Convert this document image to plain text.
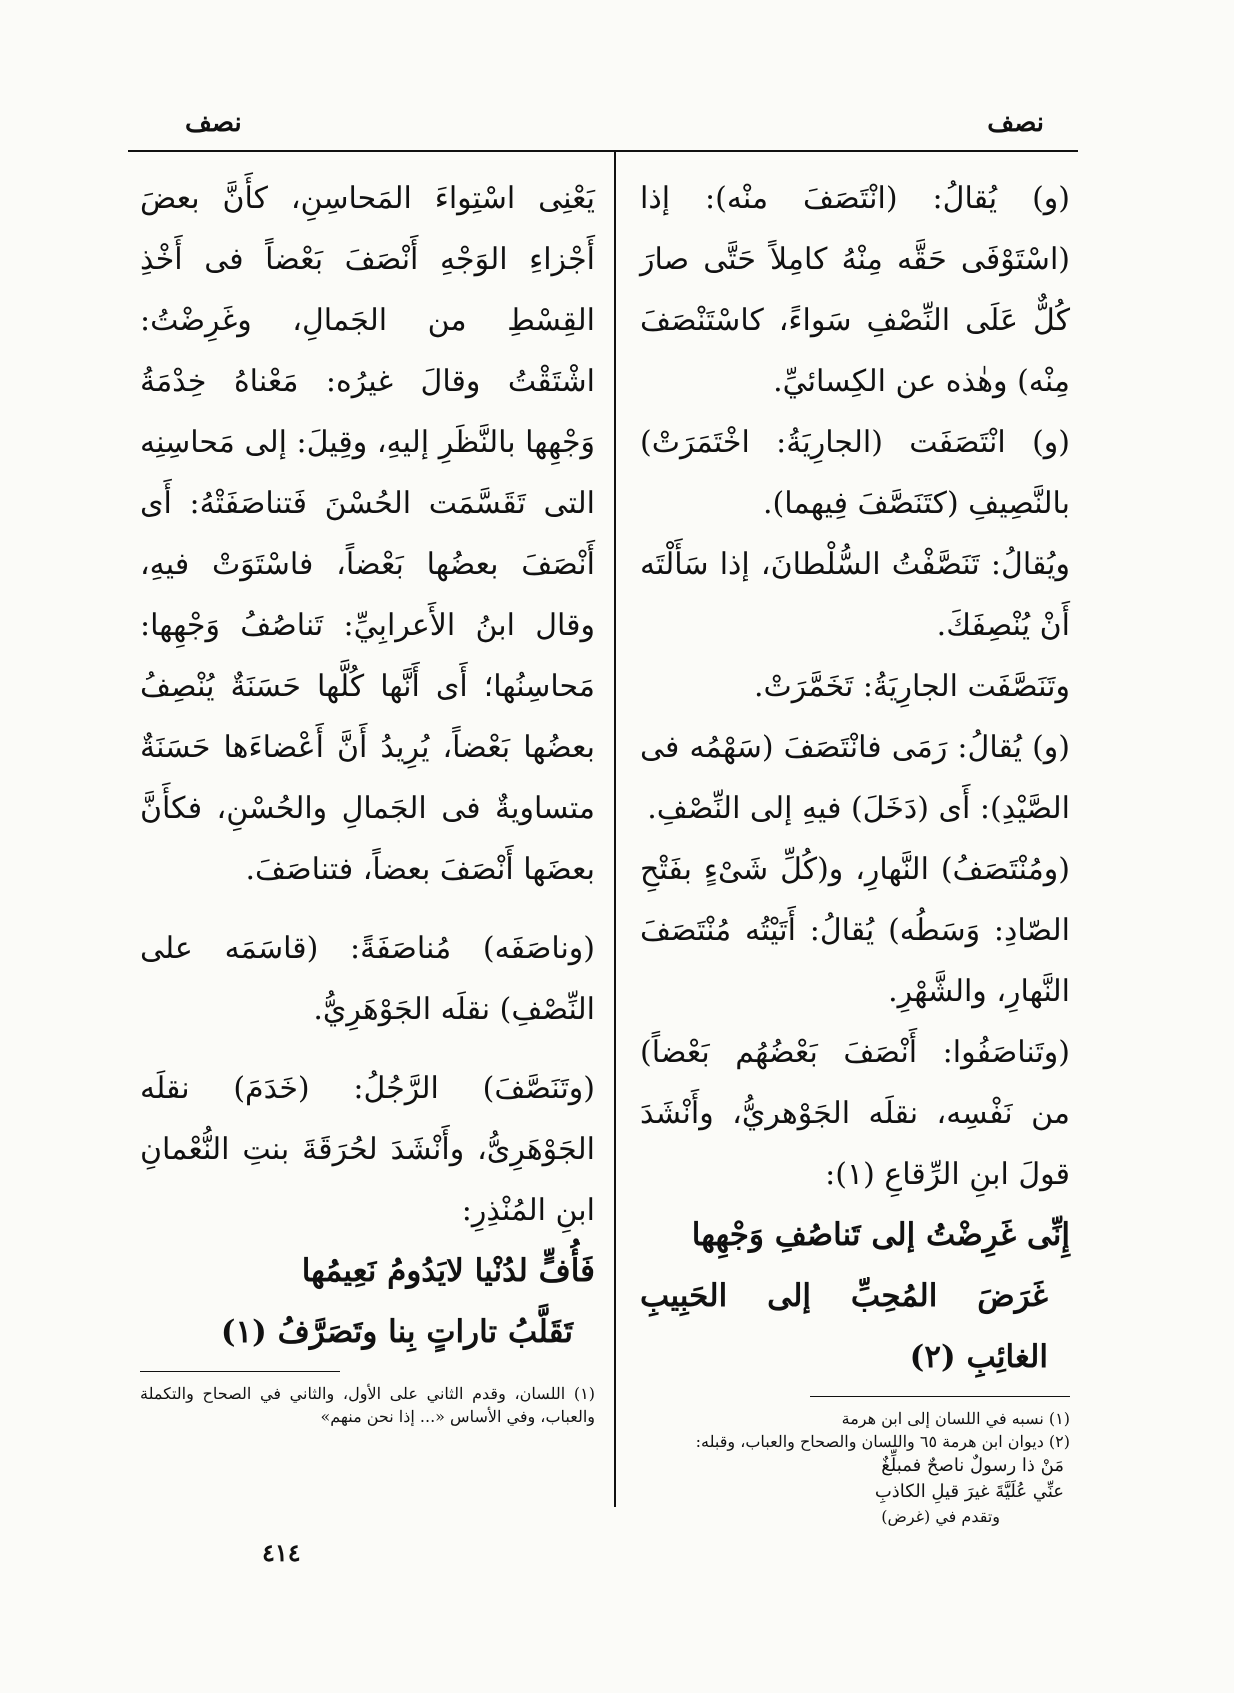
نصف
نصف

(و) يُقالُ: (انْتَصَفَ منْه): إذا (اسْتَوْفَى حَقَّه مِنْهُ كامِلاً حَتَّى صارَ كُلٌّ عَلَى النِّصْفِ سَواءً، كاسْتَنْصَفَ مِنْه) وهٰذه عن الكِسائيِّ.

(و) انْتَصَفَت (الجارِيَةُ: اخْتَمَرَتْ) بالنَّصِيفِ (كتَنَصَّفَ فِيهما).

ويُقالُ: تَنَصَّفْتُ السُّلْطانَ، إذا سَأَلْتَه أَنْ يُنْصِفَكَ.

وتَنَصَّفَت الجارِيَةُ: تَخَمَّرَتْ.

(و) يُقالُ: رَمَى فانْتَصَفَ (سَهْمُه فى الصَّيْدِ): أَى (دَخَلَ) فيهِ إلى النِّصْفِ.

(ومُنْتَصَفُ) النَّهارِ، و(كُلِّ شَىْءٍ بفَتْحِ الصّادِ: وَسَطُه) يُقالُ: أَتَيْتُه مُنْتَصَفَ النَّهارِ، والشَّهْرِ.

(وتَناصَفُوا: أَنْصَفَ بَعْضُهُم بَعْضاً) من نَفْسِه، نقلَه الجَوْهريُّ، وأَنْشَدَ قولَ ابنِ الرِّقاعِ (١):

إِنِّى غَرِضْتُ إلى تَناصُفِ وَجْهِها

غَرَضَ المُحِبِّ إلى الحَبِيبِ الغائِبِ (٢)

(١) نسبه في اللسان إلى ابن هرمة

(٢) ديوان ابن هرمة ٦٥ واللسان والصحاح والعباب، وقبله:

مَنْ ذا رسولٌ ناصحٌ فمبلِّغٌ

عنِّي عُلَيَّةَ غيرَ قيلِ الكاذبِ

وتقدم في (غرض)

يَعْنِى اسْتِواءَ المَحاسِنِ، كأَنَّ بعضَ أَجْزاءِ الوَجْهِ أَنْصَفَ بَعْضاً فى أَخْذِ القِسْطِ من الجَمالِ، وغَرِضْتُ: اشْتَقْتُ وقالَ غيرُه: مَعْناهُ خِدْمَةُ وَجْهِها بالنَّظَرِ إليهِ، وقِيلَ: إلى مَحاسِنِه التى تَقَسَّمَت الحُسْنَ فَتناصَفَتْهُ: أَى أَنْصَفَ بعضُها بَعْضاً، فاسْتَوَتْ فيهِ، وقال ابنُ الأَعرابِيِّ: تَناصُفُ وَجْهِها: مَحاسِنُها؛ أَى أَنَّها كُلَّها حَسَنَةٌ يُنْصِفُ بعضُها بَعْضاً، يُرِيدُ أَنَّ أَعْضاءَها حَسَنَةٌ متساويةٌ فى الجَمالِ والحُسْنِ، فكأَنَّ بعضَها أَنْصَفَ بعضاً، فتناصَفَ.

(وناصَفَه) مُناصَفَةً: (قاسَمَه على النِّصْفِ) نقلَه الجَوْهَرِيُّ.

(وتَنَصَّفَ) الرَّجُلُ: (خَدَمَ) نقلَه الجَوْهَرِىُّ، وأَنْشَدَ لحُرَقَةَ بنتِ النُّعْمانِ ابنِ المُنْذِرِ:

فَأُفٍّ لدُنْيا لايَدُومُ نَعِيمُها

تَقَلَّبُ تاراتٍ بِنا وتَصَرَّفُ (١)

(١) اللسان، وقدم الثاني على الأول، والثاني في الصحاح والتكملة والعباب، وفي الأساس «... إذا نحن منهم»

٤١٤
